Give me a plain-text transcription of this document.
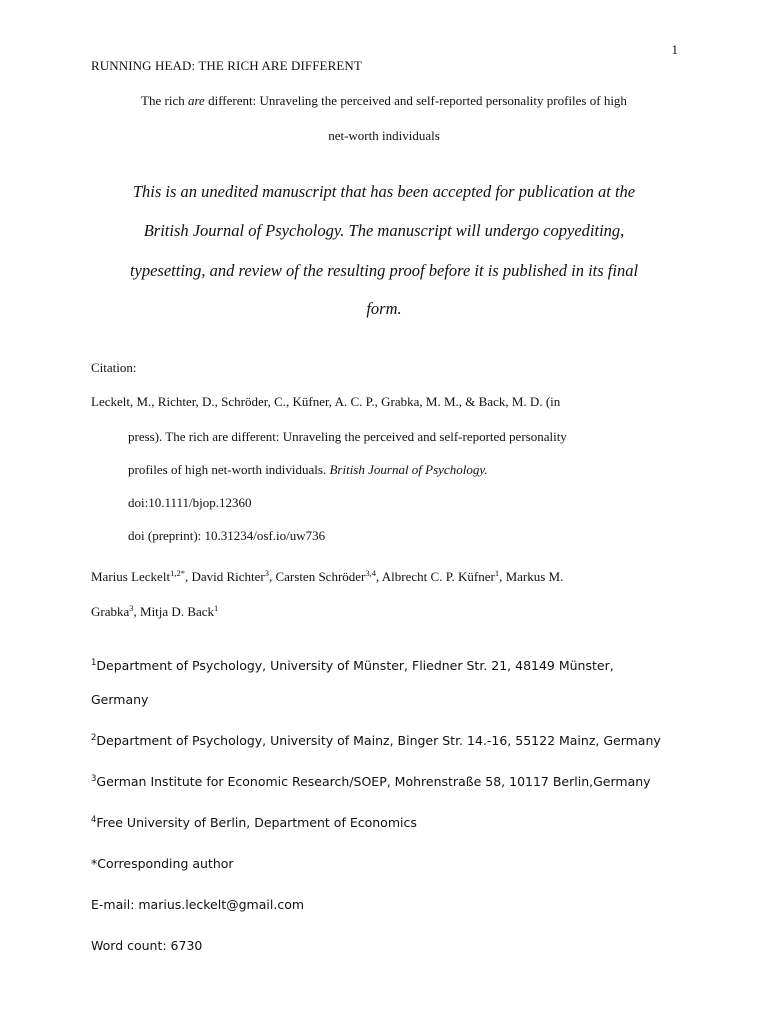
1
RUNNING HEAD: THE RICH ARE DIFFERENT
The rich are different: Unraveling the perceived and self-reported personality profiles of high
net-worth individuals
This is an unedited manuscript that has been accepted for publication at the
British Journal of Psychology. The manuscript will undergo copyediting,
typesetting, and review of the resulting proof before it is published in its final
form.
Citation:
Leckelt, M., Richter, D., Schröder, C., Küfner, A. C. P., Grabka, M. M., & Back, M. D. (in
press). The rich are different: Unraveling the perceived and self-reported personality
profiles of high net-worth individuals. British Journal of Psychology.
doi:10.1111/bjop.12360
doi (preprint): 10.31234/osf.io/uw736
Marius Leckelt$^{1,2*}$, David Richter$^3$, Carsten Schröder$^{3,4}$, Albrecht C. P. Küfner$^1$, Markus M.
Grabka$^3$, Mitja D. Back$^1$
$^1$Department of Psychology, University of Münster, Fliedner Str. 21, 48149 Münster,
Germany
$^2$Department of Psychology, University of Mainz, Binger Str. 14.-16, 55122 Mainz, Germany
$^3$German Institute for Economic Research/SOEP, Mohrenstraße 58, 10117 Berlin,Germany
$^4$Free University of Berlin, Department of Economics
*Corresponding author
E-mail: marius.leckelt@gmail.com
Word count: 6730
